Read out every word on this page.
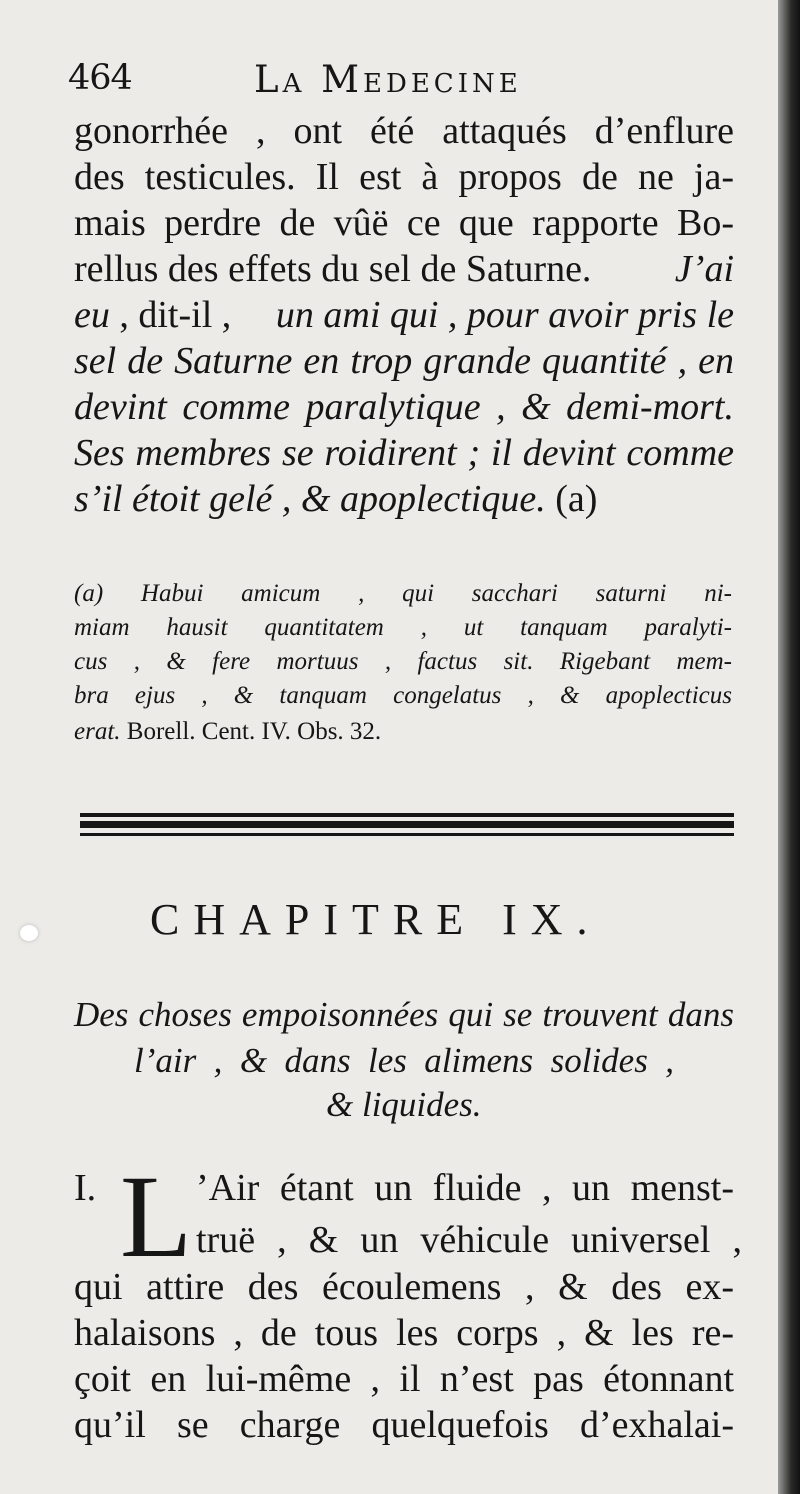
464	La Medecine
gonorrhée , ont été attaqués d’enflure
des testicules. Il est à propos de ne ja-
mais perdre de vûë ce que rapporte Bo-
rellus des effets du sel de Saturne. J’ai
eu , dit-il , un ami qui , pour avoir pris le
sel de Saturne en trop grande quantité , en
devint comme paralytique , & demi-mort.
Ses membres se roidirent ; il devint comme
s’il étoit gelé , & apoplectique. (a)
(a) Habui amicum , qui sacchari saturni ni-
miam hausit quantitatem , ut tanquam paralyti-
cus , & fere mortuus , factus sit. Rigebant mem-
bra ejus , & tanquam congelatus , & apoplecticus
erat. Borell. Cent. IV. Obs. 32.
CHAPITRE IX.
Des choses empoisonnées qui se trouvent dans
l’air , & dans les alimens solides ,
& liquides.
I. L ’Air étant un fluide , un menst-
truë , & un véhicule universel ,
qui attire des écoulemens , & des ex-
halaisons , de tous les corps , & les re-
çoit en lui-même , il n’est pas étonnant
qu’il se charge quelquefois d’exhalai-
